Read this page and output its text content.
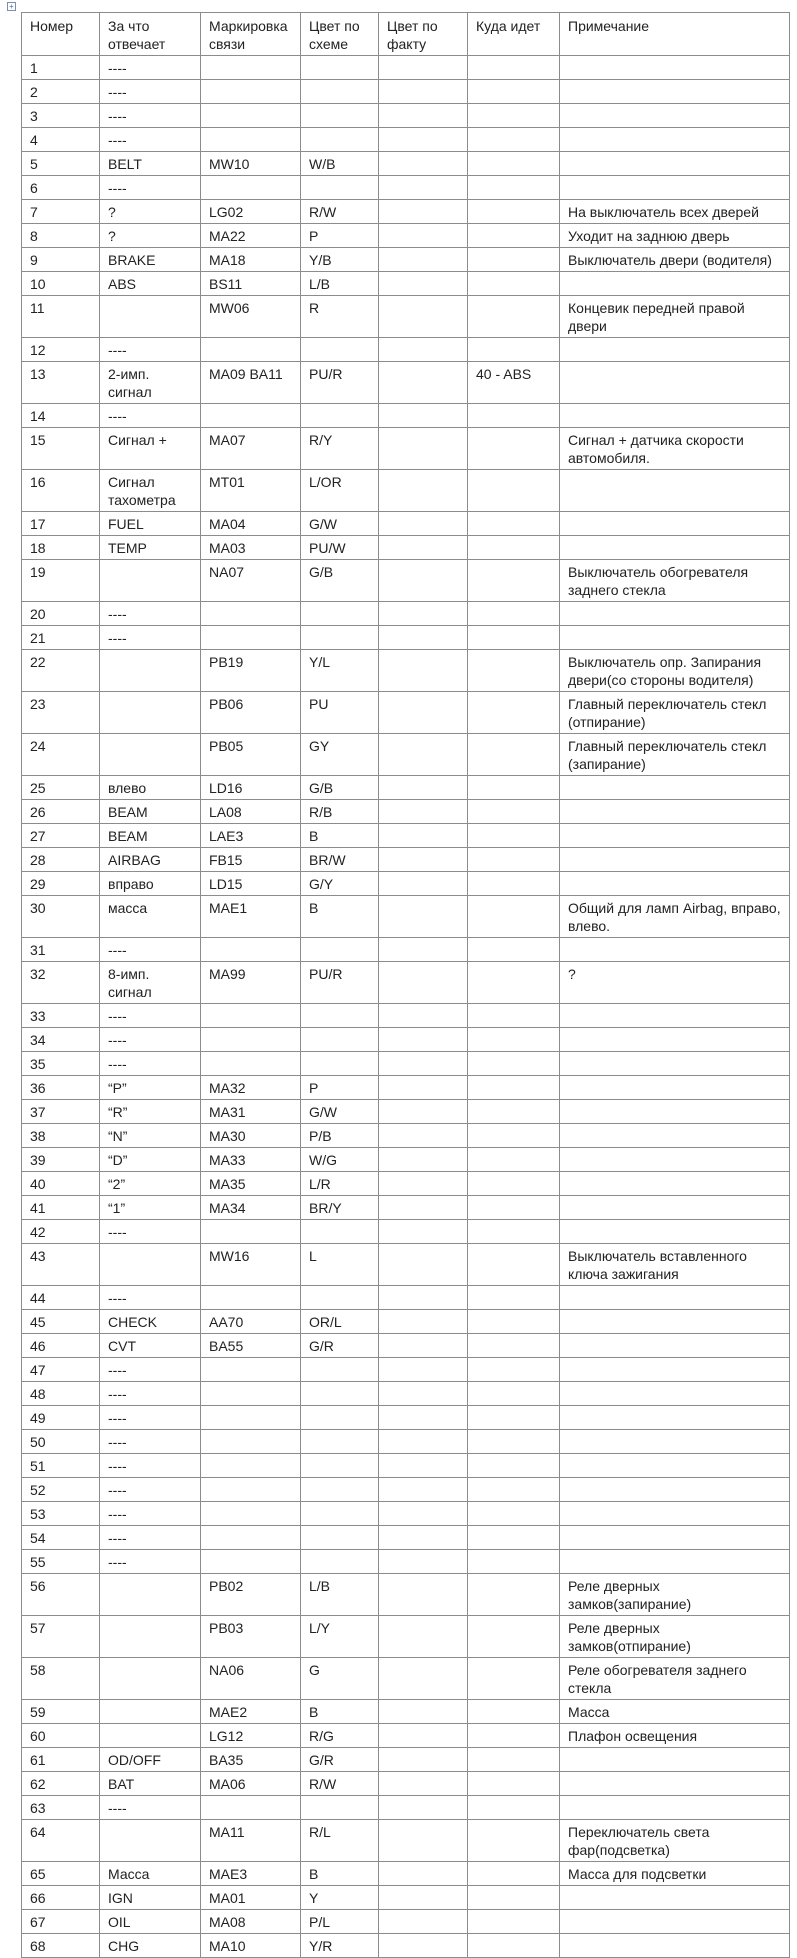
+
Номер	За что отвечает	Маркировка связи	Цвет по схеме	Цвет по факту	Куда идет	Примечание
1	----					
2	----					
3	----					
4	----					
5	BELT	MW10	W/B			
6	----					
7	?	LG02	R/W			На выключатель всех дверей
8	?	MA22	P			Уходит на заднюю дверь
9	BRAKE	MA18	Y/B			Выключатель двери (водителя)
10	ABS	BS11	L/B			
11		MW06	R			Концевик передней правой двери
12	----					
13	2-имп. сигнал	MA09 BA11	PU/R		40 - ABS	
14	----					
15	Сигнал +	MA07	R/Y			Сигнал + датчика скорости автомобиля.
16	Сигнал тахометра	MT01	L/OR			
17	FUEL	MA04	G/W			
18	TEMP	MA03	PU/W			
19		NA07	G/B			Выключатель обогревателя заднего стекла
20	----					
21	----					
22		PB19	Y/L			Выключатель опр. Запирания двери(со стороны водителя)
23		PB06	PU			Главный переключатель стекл (отпирание)
24		PB05	GY			Главный переключатель стекл (запирание)
25	влево	LD16	G/B			
26	BEAM	LA08	R/B			
27	BEAM	LAE3	B			
28	AIRBAG	FB15	BR/W			
29	вправо	LD15	G/Y			
30	масса	MAE1	B			Общий для ламп Airbag, вправо, влево.
31	----					
32	8-имп. сигнал	MA99	PU/R			?
33	----					
34	----					
35	----					
36	“P”	MA32	P			
37	“R”	MA31	G/W			
38	“N”	MA30	P/B			
39	“D”	MA33	W/G			
40	“2”	MA35	L/R			
41	“1”	MA34	BR/Y			
42	----					
43		MW16	L			Выключатель вставленного ключа зажигания
44	----					
45	CHECK	AA70	OR/L			
46	CVT	BA55	G/R			
47	----					
48	----					
49	----					
50	----					
51	----					
52	----					
53	----					
54	----					
55	----					
56		PB02	L/B			Реле дверных замков(запирание)
57		PB03	L/Y			Реле дверных замков(отпирание)
58		NA06	G			Реле обогревателя заднего стекла
59		MAE2	B			Масса
60		LG12	R/G			Плафон освещения
61	OD/OFF	BA35	G/R			
62	BAT	MA06	R/W			
63	----					
64		MA11	R/L			Переключатель света фар(подсветка)
65	Масса	MAE3	B			Масса для подсветки
66	IGN	MA01	Y			
67	OIL	MA08	P/L			
68	CHG	MA10	Y/R			
